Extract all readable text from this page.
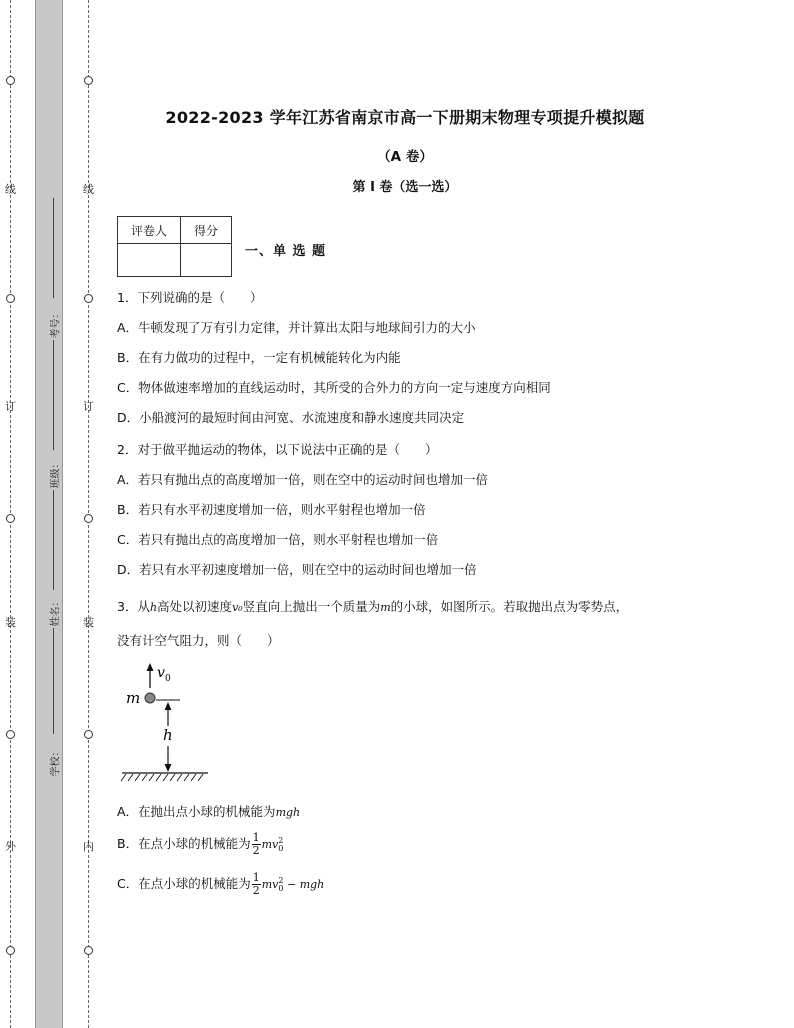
线
订
装
外
线
订
装
内
考号：
班级：
姓名：
学校：
2022-2023 学年江苏省南京市高一下册期末物理专项提升模拟题
（A 卷）
第 I 卷（选一选）
评卷人	得分

一、单 选 题
1．下列说确的是（　　）
A．牛顿发现了万有引力定律，并计算出太阳与地球间引力的大小
B．在有力做功的过程中，一定有机械能转化为内能
C．物体做速率增加的直线运动时，其所受的合外力的方向一定与速度方向相同
D．小船渡河的最短时间由河宽、水流速度和静水速度共同决定
2．对于做平抛运动的物体，以下说法中正确的是（　　）
A．若只有抛出点的高度增加一倍，则在空中的运动时间也增加一倍
B．若只有水平初速度增加一倍，则水平射程也增加一倍
C．若只有抛出点的高度增加一倍，则水平射程也增加一倍
D．若只有水平初速度增加一倍，则在空中的运动时间也增加一倍
3．从h高处以初速度v₀竖直向上抛出一个质量为m的小球，如图所示。若取抛出点为零势点，
没有计空气阻力，则（　　）
v 0
m
h
A．在抛出点小球的机械能为mgh
B．在点小球的机械能为 $\frac{1}{2}$ mv 2
0
C．在点小球的机械能为 $\frac{1}{2}$ mv 2
0 − mgh
